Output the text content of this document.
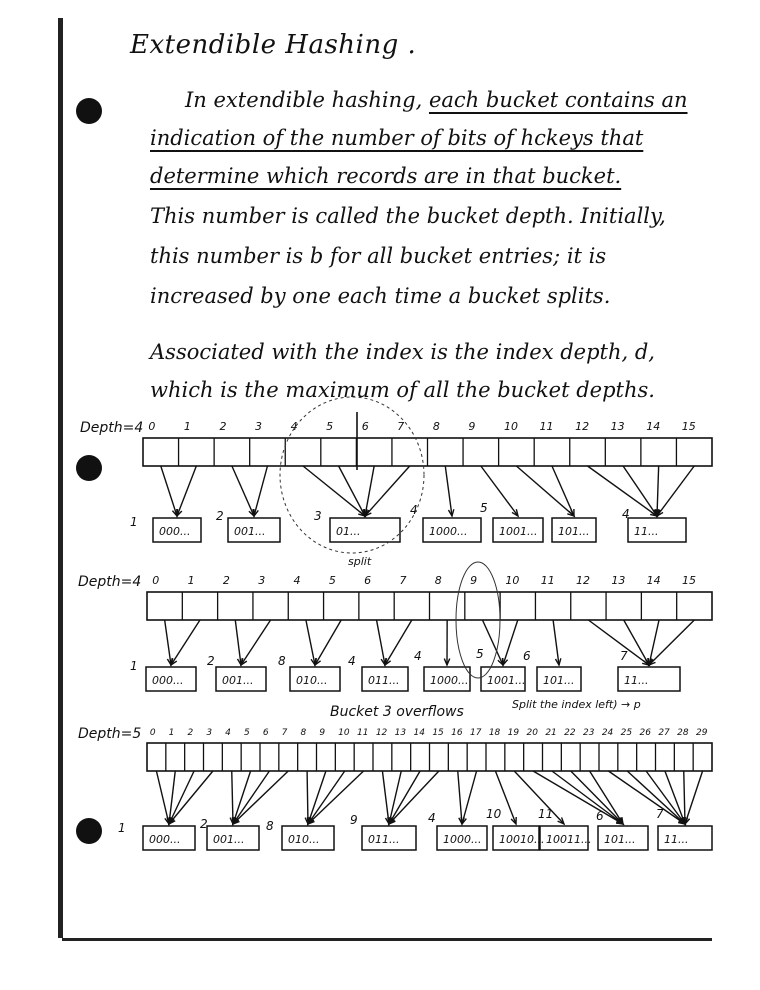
Extendible Hashing .
In extendible hashing, each bucket contains an
indication of the number of bits of hckeys that
determine which records are in that bucket.
This number is called the bucket depth. Initially,
this number is b for all bucket entries; it is
increased by one each time a bucket splits.
Associated with the index is the index depth, d,
which is the maximum of all the bucket depths.
Depth=4 0	1	2	3	4	5	6	7	8	9	10 11 12 13 14 15
000...	001...	01...	1000...	1001... 101...	11...
1	2	3	4	5	4
split
Depth=4 0	1	2	3	4	5	6	7	8	9	10 11 12 13 14 15
000...	001...	010...	011...	1000... 1001... 101...	11...
1	2	8	4	4	5	6	7
Bucket 3 overflows	Split the index left) → p
Depth=5 0 1 2 3 4 5 6 7 8 9 10 11 12 13 14 15 16 17 18 19 20 21 22 23 24 25 26 27 28 29
000...	001...	010...	011...	1000... 10010... 10011... 101...	11...
1	2	8	9	4	10	11	6	7
